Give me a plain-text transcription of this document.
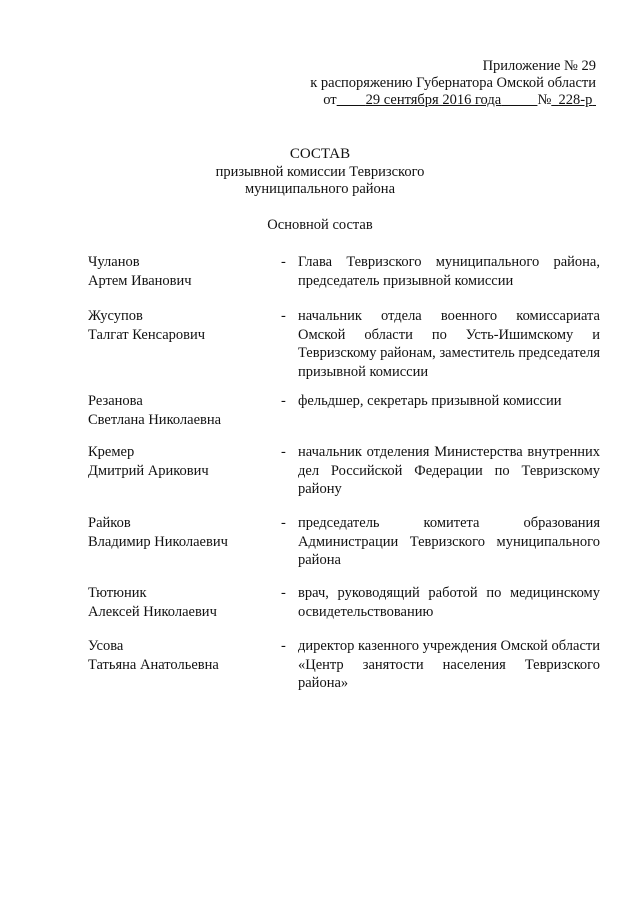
Приложение № 29
к распоряжению Губернатора Омской области
от 29 сентября 2016 года	№ 228-р
СОСТАВ
призывной комиссии Тевризского
муниципального района
Основной состав
Чуланов
Артем Иванович
- Глава Тевризского муниципального района, председатель призывной комиссии
Жусупов
Талгат Кенсарович
- начальник отдела военного комиссариата Омской области по Усть-Ишимскому и Тевризскому районам, заместитель председателя призывной комиссии
Резанова
Светлана Николаевна
- фельдшер, секретарь призывной комиссии
Кремер
Дмитрий Арикович
- начальник отделения Министерства внутренних дел Российской Федерации по Тевризскому району
Райков
Владимир Николаевич
- председатель комитета образования Администрации Тевризского муниципального района
Тютюник
Алексей Николаевич
- врач, руководящий работой по медицинскому освидетельствованию
Усова
Татьяна Анатольевна
- директор казенного учреждения Омской области «Центр занятости населения Тевризского района»
